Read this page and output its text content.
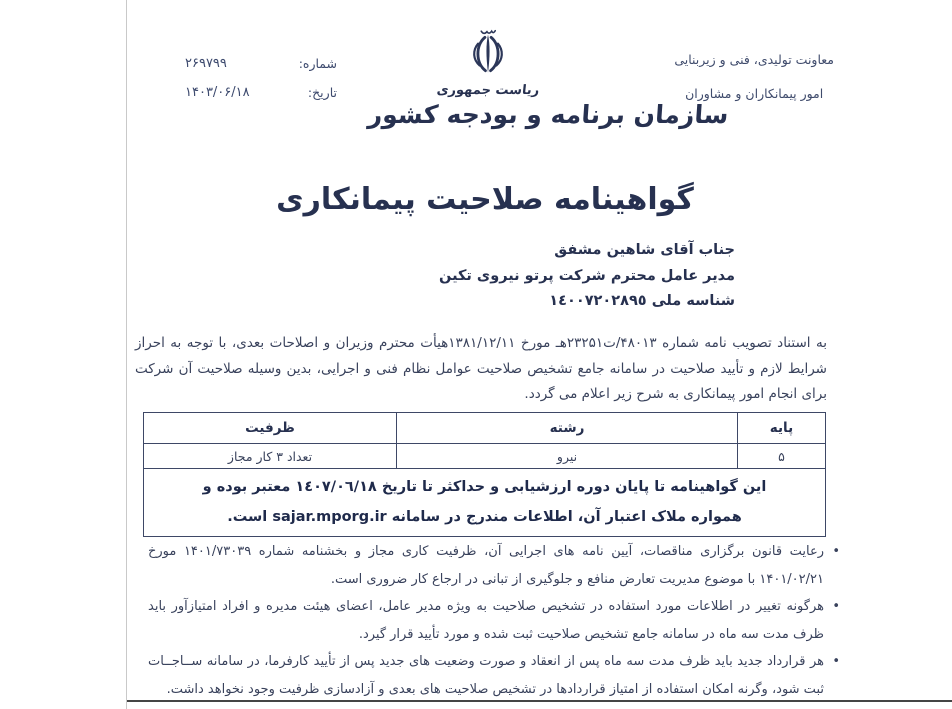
شماره:
۲۶۹۷۹۹
تاریخ:
۱۴۰۳/۰۶/۱۸	ریاست جمهوری
سازمان برنامه و بودجه کشور
معاونت تولیدی، فنی و زیربنایی
امور پیمانکاران و مشاوران
گواهینامه صلاحیت پیمانکاری
جناب آقای شاهین مشفق
مدیر عامل محترم شرکت پرتو نیروی تکین
شناسه ملی ١٤٠٠٧٢٠٢٨٩٥

به استناد تصویب نامه شماره ۴۸۰۱۳/ت۲۳۲۵۱هـ مورخ ۱۳۸۱/۱۲/۱۱هیأت محترم وزیران و اصلاحات بعدی، با توجه به احراز شرایط لازم و تأیید صلاحیت در سامانه جامع تشخیص صلاحیت عوامل نظام فنی و اجرایی، بدین وسیله صلاحیت آن شرکت برای انجام امور پیمانکاری به شرح زیر اعلام می گردد.

پایه	رشته	ظرفیت
۵	نیرو	تعداد ۳ کار مجاز
این گواهینامه تا پایان دوره ارزشیابی و حداکثر تا تاریخ ١٤٠٧/٠٦/١٨ معتبر بوده و
همواره ملاک اعتبار آن، اطلاعات مندرج در سامانه sajar.mporg.ir است.
• رعایت قانون برگزاری مناقصات، آیین نامه های اجرایی آن، ظرفیت کاری مجاز و بخشنامه شماره ۱۴۰۱/۷۳۰۳۹ مورخ ۱۴۰۱/۰۲/۲۱ با موضوع مدیریت تعارض منافع و جلوگیری از تبانی در ارجاع کار ضروری است.
• هرگونه تغییر در اطلاعات مورد استفاده در تشخیص صلاحیت به ویژه مدیر عامل، اعضای هیئت مدیره و افراد امتیازآور باید ظرف مدت سه ماه در سامانه جامع تشخیص صلاحیت ثبت شده و مورد تأیید قرار گیرد.
• هر قرارداد جدید باید ظرف مدت سه ماه پس از انعقاد و صورت وضعیت های جدید پس از تأیید کارفرما، در سامانه ســاجــات ثبت شود، وگرنه امکان استفاده از امتیاز قراردادها در تشخیص صلاحیت های بعدی و آزادسازی ظرفیت وجود نخواهد داشت.
